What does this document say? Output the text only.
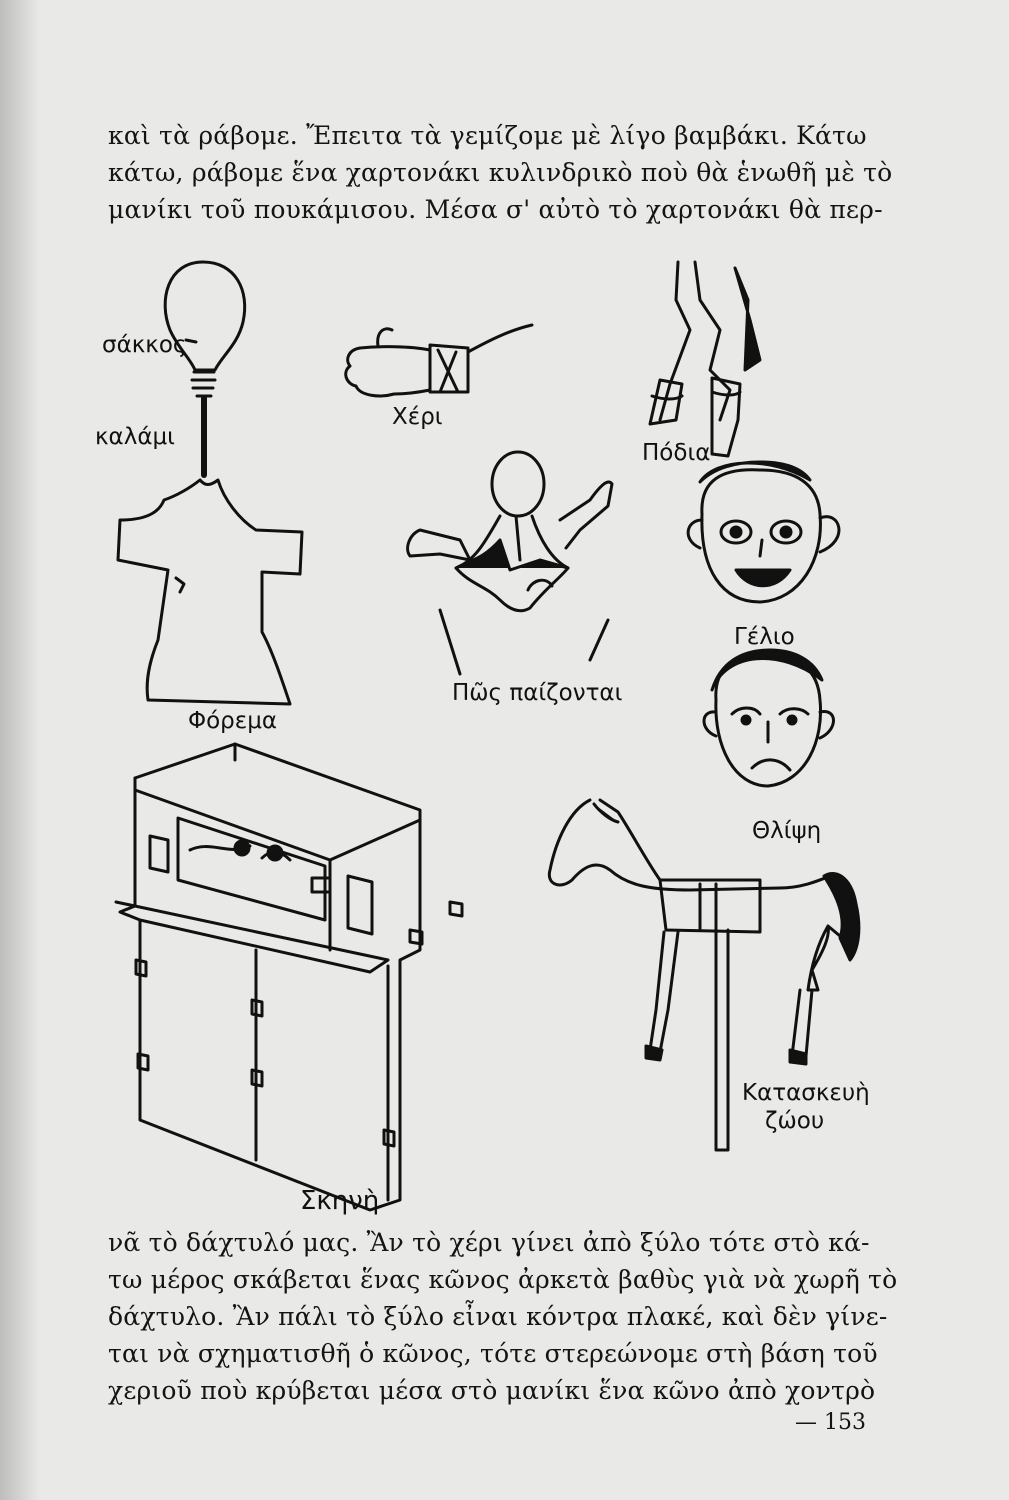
καὶ τὰ ράβομε. Ἔπειτα τὰ γεμίζομε μὲ λίγο βαμβάκι. Κάτω
κάτω, ράβομε ἕνα χαρτονάκι κυλινδρικὸ ποὺ θὰ ἑνωθῆ μὲ τὸ
μανίκι τοῦ πουκάμισου. Μέσα σ' αὐτὸ τὸ χαρτονάκι θὰ περ-
σάκκος
καλάμι
Χέρι
Πόδια
Γέλιο
Πῶς παίζονται
Φόρεμα
Θλίψη
Κατασκευὴ
ζώου
Σκηνὴ
νᾶ τὸ δάχτυλό μας. Ἂν τὸ χέρι γίνει ἀπὸ ξύλο τότε στὸ κά-
τω μέρος σκάβεται ἕνας κῶνος ἀρκετὰ βαθὺς γιὰ νὰ χωρῆ τὸ
δάχτυλο. Ἂν πάλι τὸ ξύλο εἶναι κόντρα πλακέ, καὶ δὲν γίνε-
ται νὰ σχηματισθῆ ὁ κῶνος, τότε στερεώνομε στὴ βάση τοῦ
χεριοῦ ποὺ κρύβεται μέσα στὸ μανίκι ἕνα κῶνο ἀπὸ χοντρὸ
— 153
